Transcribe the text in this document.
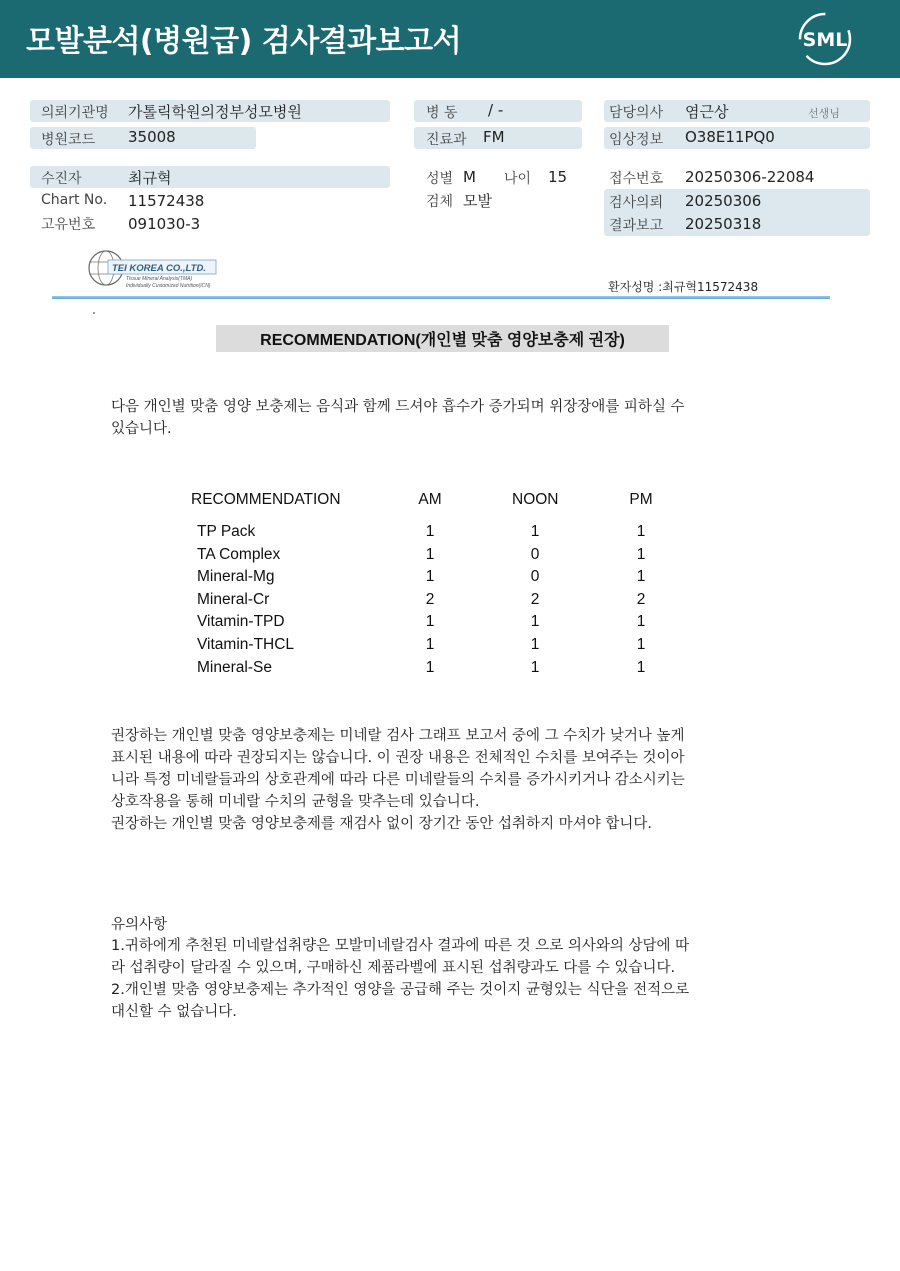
모발분석(병원급) 검사결과보고서	SML
의뢰기관명 가톨릭학원의정부성모병원
병원코드 35008
병 동 / -
진료과 FM
담당의사 염근상	선생님
임상정보 O38E11PQ0
수진자	최규혁
Chart No. 11572438
고유번호 091030-3
성별 M 나이 15
검체 모발
접수번호 20250306-22084
검사의뢰 20250306
결과보고 20250318
TEI KOREA CO.,LTD.
Tissue Mineral Analysis(TMA)
Individually Customized Nutrition(ICN)	환자성명 :최규혁11572438
RECOMMENDATION(개인별 맞춤 영양보충제 권장)
다음 개인별 맞춤 영양 보충제는 음식과 함께 드셔야 흡수가 증가되며 위장장애를 피하실 수
있습니다.
RECOMMENDATION	AM	NOON	PM
TP Pack	1	1	1
TA Complex	1	0	1
Mineral-Mg	1	0	1
Mineral-Cr	2	2	2
Vitamin-TPD	1	1	1
Vitamin-THCL	1	1	1
Mineral-Se	1	1	1
권장하는 개인별 맞춤 영양보충제는 미네랄 검사 그래프 보고서 중에 그 수치가 낮거나 높게
표시된 내용에 따라 권장되지는 않습니다. 이 권장 내용은 전체적인 수치를 보여주는 것이아
니라 특정 미네랄들과의 상호관계에 따라 다른 미네랄들의 수치를 증가시키거나 감소시키는
상호작용을 통해 미네랄 수치의 균형을 맞추는데 있습니다.
권장하는 개인별 맞춤 영양보충제를 재검사 없이 장기간 동안 섭취하지 마셔야 합니다.
유의사항
1.귀하에게 추천된 미네랄섭취량은 모발미네랄검사 결과에 따른 것 으로 의사와의 상담에 따
라 섭취량이 달라질 수 있으며, 구매하신 제품라벨에 표시된 섭취량과도 다를 수 있습니다.
2.개인별 맞춤 영양보충제는 추가적인 영양을 공급해 주는 것이지 균형있는 식단을 전적으로
대신할 수 없습니다.
